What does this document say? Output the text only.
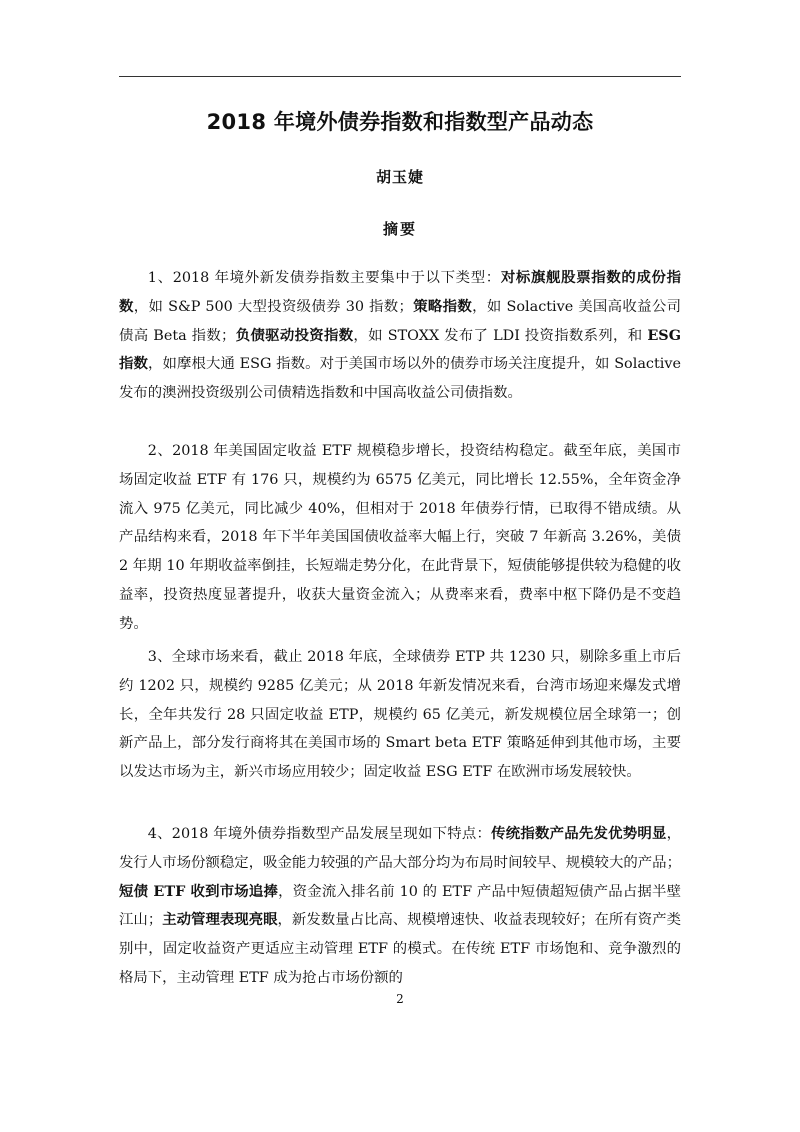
2018 年境外债券指数和指数型产品动态
胡玉婕
摘要

1、2018 年境外新发债券指数主要集中于以下类型：对标旗舰股票指数的成份指数，如 S&P 500 大型投资级债券 30 指数；策略指数，如 Solactive 美国高收益公司债高 Beta 指数；负债驱动投资指数，如 STOXX 发布了 LDI 投资指数系列，和 ESG 指数，如摩根大通 ESG 指数。对于美国市场以外的债券市场关注度提升，如 Solactive 发布的澳洲投资级别公司债精选指数和中国高收益公司债指数。

2、2018 年美国固定收益 ETF 规模稳步增长，投资结构稳定。截至年底，美国市场固定收益 ETF 有 176 只，规模约为 6575 亿美元，同比增长 12.55%，全年资金净流入 975 亿美元，同比减少 40%，但相对于 2018 年债券行情，已取得不错成绩。从产品结构来看，2018 年下半年美国国债收益率大幅上行，突破 7 年新高 3.26%，美债 2 年期 10 年期收益率倒挂，长短端走势分化，在此背景下，短债能够提供较为稳健的收益率，投资热度显著提升，收获大量资金流入；从费率来看，费率中枢下降仍是不变趋势。

3、全球市场来看，截止 2018 年底，全球债券 ETP 共 1230 只，剔除多重上市后约 1202 只，规模约 9285 亿美元；从 2018 年新发情况来看，台湾市场迎来爆发式增长，全年共发行 28 只固定收益 ETP，规模约 65 亿美元，新发规模位居全球第一；创新产品上，部分发行商将其在美国市场的 Smart beta ETF 策略延伸到其他市场，主要以发达市场为主，新兴市场应用较少；固定收益 ESG ETF 在欧洲市场发展较快。

4、2018 年境外债券指数型产品发展呈现如下特点：传统指数产品先发优势明显，发行人市场份额稳定，吸金能力较强的产品大部分均为布局时间较早、规模较大的产品；短债 ETF 收到市场追捧，资金流入排名前 10 的 ETF 产品中短债超短债产品占据半壁江山；主动管理表现亮眼，新发数量占比高、规模增速快、收益表现较好；在所有资产类别中，固定收益资产更适应主动管理 ETF 的模式。在传统 ETF 市场饱和、竞争激烈的格局下，主动管理 ETF 成为抢占市场份额的

2
